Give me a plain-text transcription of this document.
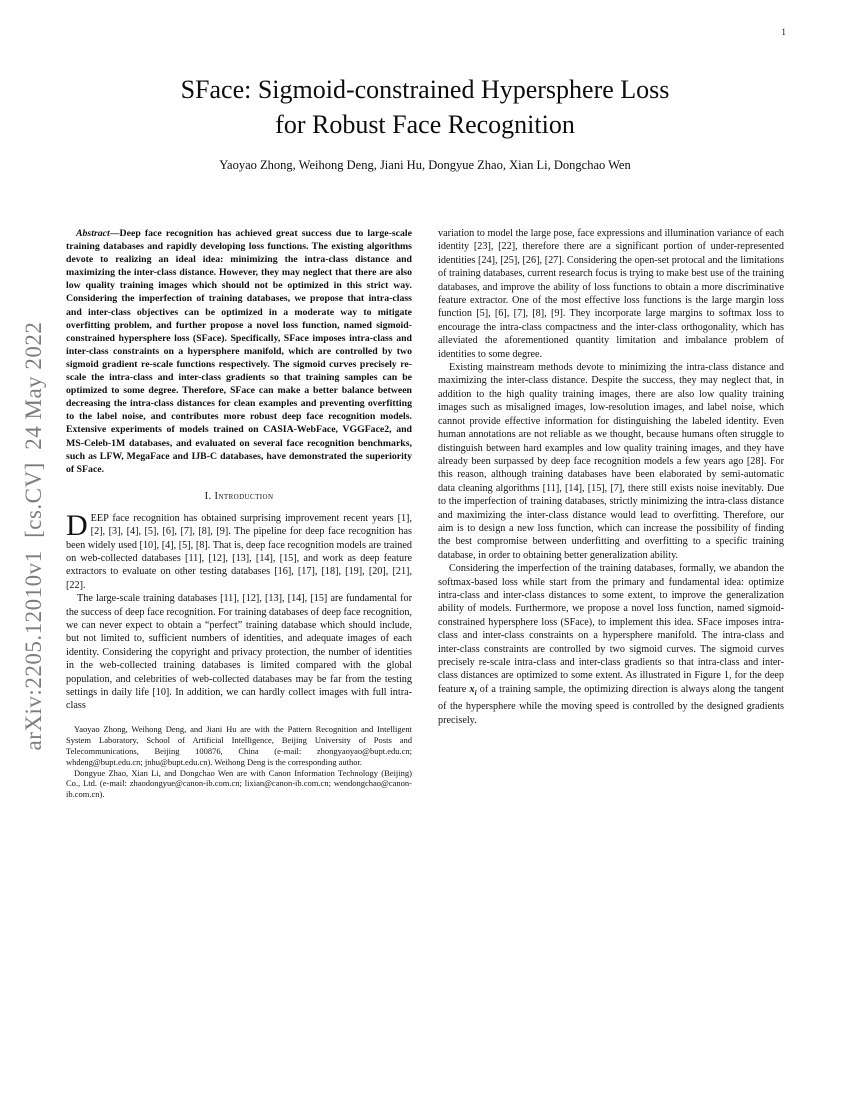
1
arXiv:2205.12010v1  [cs.CV]  24 May 2022
SFace: Sigmoid-constrained Hypersphere Loss
for Robust Face Recognition
Yaoyao Zhong, Weihong Deng, Jiani Hu, Dongyue Zhao, Xian Li, Dongchao Wen

Abstract—Deep face recognition has achieved great success due to large-scale training databases and rapidly developing loss functions. The existing algorithms devote to realizing an ideal idea: minimizing the intra-class distance and maximizing the inter-class distance. However, they may neglect that there are also low quality training images which should not be optimized in this strict way. Considering the imperfection of training databases, we propose that intra-class and inter-class objectives can be optimized in a moderate way to mitigate overfitting problem, and further propose a novel loss function, named sigmoid-constrained hypersphere loss (SFace). Specifically, SFace imposes intra-class and inter-class constraints on a hypersphere manifold, which are controlled by two sigmoid gradient re-scale functions respectively. The sigmoid curves precisely re-scale the intra-class and inter-class gradients so that training samples can be optimized to some degree. Therefore, SFace can make a better balance between decreasing the intra-class distances for clean examples and preventing overfitting to the label noise, and contributes more robust deep face recognition models. Extensive experiments of models trained on CASIA-WebFace, VGGFace2, and MS-Celeb-1M databases, and evaluated on several face recognition benchmarks, such as LFW, MegaFace and IJB-C databases, have demonstrated the superiority of SFace.

I. Introduction

DEEP face recognition has obtained surprising improvement recent years [1], [2], [3], [4], [5], [6], [7], [8], [9]. The pipeline for deep face recognition has been widely used [10], [4], [5], [8]. That is, deep face recognition models are trained on web-collected databases [11], [12], [13], [14], [15], and work as deep feature extractors to evaluate on other testing databases [16], [17], [18], [19], [20], [21], [22].

The large-scale training databases [11], [12], [13], [14], [15] are fundamental for the success of deep face recognition. For training databases of deep face recognition, we can never expect to obtain a “perfect” training database which should include, but not limited to, sufficient numbers of identities, and adequate images of each identity. Considering the copyright and privacy protection, the number of identities in the web-collected training databases is limited compared with the global population, and celebrities of web-collected databases may be far from the testing settings in daily life [10]. In addition, we can hardly collect images with full intra-class

Yaoyao Zhong, Weihong Deng, and Jiani Hu are with the Pattern Recognition and Intelligent System Laboratory, School of Artificial Intelligence, Beijing University of Posts and Telecommunications, Beijing 100876, China (e-mail: zhongyaoyao@bupt.edu.cn; whdeng@bupt.edu.cn; jnhu@bupt.edu.cn). Weihong Deng is the corresponding author.

Dongyue Zhao, Xian Li, and Dongchao Wen are with Canon Information Technology (Beijing) Co., Ltd. (e-mail: zhaodongyue@canon-ib.com.cn; lixian@canon-ib.com.cn; wendongchao@canon-ib.com.cn).

variation to model the large pose, face expressions and illumination variance of each identity [23], [22], therefore there are a significant portion of under-represented identities [24], [25], [26], [27]. Considering the open-set protocal and the limitations of training databases, current research focus is trying to make best use of the training databases, and improve the ability of loss functions to obtain a more discriminative feature extractor. One of the most effective loss functions is the large margin loss function [5], [6], [7], [8], [9]. They incorporate large margins to softmax loss to encourage the intra-class compactness and the inter-class orthogonality, which has alleviated the aforementioned quantity limitation and imbalance problem of identities to some degree.

Existing mainstream methods devote to minimizing the intra-class distance and maximizing the inter-class distance. Despite the success, they may neglect that, in addition to the high quality training images, there are also low quality training images such as misaligned images, low-resolution images, and label noise, which cannot provide effective information for distinguishing the labeled identity. Even human annotations are not reliable as we thought, because humans often struggle to distinguish between hard examples and low quality training images, and they have already been surpassed by deep face recognition models a few years ago [28]. For this reason, although training databases have been elaborated by semi-automatic data cleaning algorithms [11], [14], [15], [7], there still exists noise inevitably. Due to the imperfection of training databases, strictly minimizing the intra-class distance and maximizing the inter-class distance would lead to overfitting. Therefore, our aim is to design a new loss function, which can increase the possibility of finding the best compromise between underfitting and overfitting to a specific training database, in order to obtaining better generalization ability.

Considering the imperfection of the training databases, formally, we abandon the softmax-based loss while start from the primary and fundamental idea: optimize intra-class and inter-class distances to some extent, to improve the generalization ability of models. Furthermore, we propose a novel loss function, named sigmoid-constrained hypersphere loss (SFace), to implement this idea. SFace imposes intra-class and inter-class constraints on a hypersphere manifold. The intra-class and inter-class constraints are controlled by two sigmoid curves. The sigmoid curves precisely re-scale intra-class and inter-class gradients so that intra-class and inter-class distances are optimized to some extent. As illustrated in Figure 1, for the deep feature $x_i$ of a training sample, the optimizing direction is always along the tangent of the hypersphere while the moving speed is controlled by the designed gradients precisely.
